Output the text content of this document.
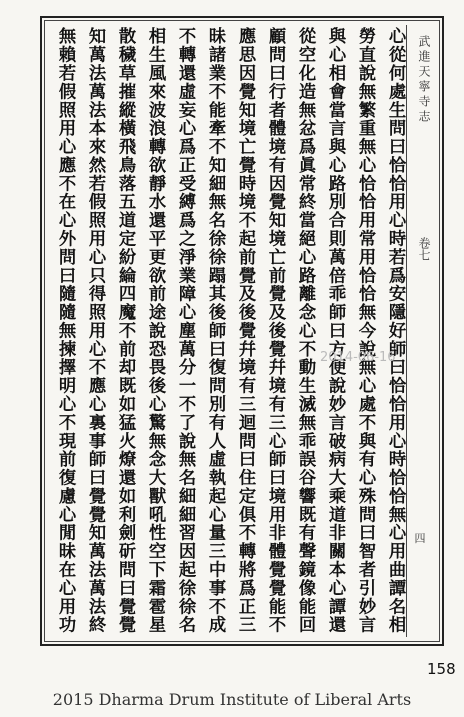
心從何處生問曰恰恰用心時若爲安隱好師曰恰恰用心時恰恰無心用曲譚名相
勞直說無繁重無心恰恰用常用恰恰無今說無心處不與有心殊問曰智者引妙言
與心相會當言與心路別合則萬倍乖師曰方便說妙言破病大乘道非關本心譚還
從空化造無忿爲眞常終當絕心路離念心不動生滅無乖誤谷響既有聲鏡像能回
顧問曰行者體境有因覺知境亡前覺及後覺幷境有三心師曰境用非體覺覺能不
應思因覺知境亡覺時境不起前覺及後覺幷境有三迴問曰住定俱不轉將爲正三
昧諸業不能牽不知細無名徐徐蹋其後師曰復問別有人虛執起心量三中事不成
不轉還虛妄心爲正受縛爲之淨業障心塵萬分一不了說無名細細習因起徐徐名
相生風來波浪轉欲靜水還平更欲前途說恐畏後心驚無念大獸吼性空下霜雹星
散穢草摧縱橫飛鳥落五道定紛綸四魔不前却既如猛火燎還如利劍斫問曰覺覺
知萬法萬法本來然若假照用心只得照用心不應心裏事師曰覺覺知萬法萬法終
無賴若假照用心應不在心外問曰隨隨無揀擇明心不現前復慮心閒昧在心用功	武進天寧寺志
卷七
四
2014-06-16
158
2015 Dharma Drum Institute of Liberal Arts
